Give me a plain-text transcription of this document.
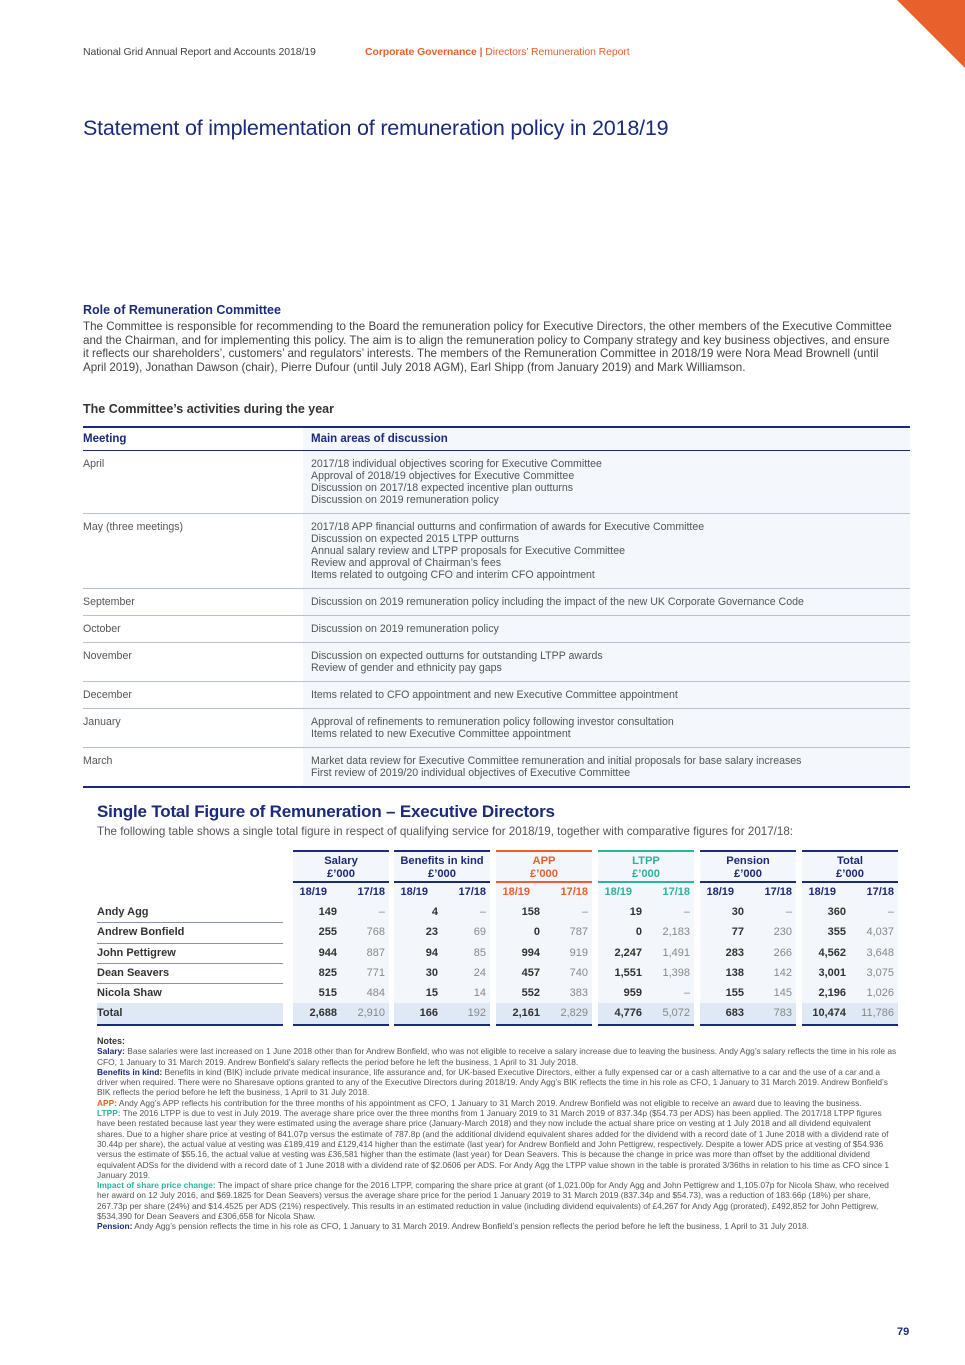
National Grid Annual Report and Accounts 2018/19	Corporate Governance | Directors’ Remuneration Report
Statement of implementation of remuneration policy in 2018/19
Role of Remuneration Committee

The Committee is responsible for recommending to the Board the remuneration policy for Executive Directors, the other members of the Executive Committee and the Chairman, and for implementing this policy. The aim is to align the remuneration policy to Company strategy and key business objectives, and ensure it reflects our shareholders’, customers’ and regulators’ interests. The members of the Remuneration Committee in 2018/19 were Nora Mead Brownell (until April 2019), Jonathan Dawson (chair), Pierre Dufour (until July 2018 AGM), Earl Shipp (from January 2019) and Mark Williamson.

The Committee’s activities during the year
Meeting	Main areas of discussion
April	2017/18 individual objectives scoring for Executive Committee
Approval of 2018/19 objectives for Executive Committee
Discussion on 2017/18 expected incentive plan outturns
Discussion on 2019 remuneration policy

May (three meetings)	2017/18 APP financial outturns and confirmation of awards for Executive Committee
Discussion on expected 2015 LTPP outturns
Annual salary review and LTPP proposals for Executive Committee
Review and approval of Chairman’s fees
Items related to outgoing CFO and interim CFO appointment

September	Discussion on 2019 remuneration policy including the impact of the new UK Corporate Governance Code

October	Discussion on 2019 remuneration policy

November	Discussion on expected outturns for outstanding LTPP awards
Review of gender and ethnicity pay gaps

December	Items related to CFO appointment and new Executive Committee appointment

January	Approval of refinements to remuneration policy following investor consultation
Items related to new Executive Committee appointment

March	Market data review for Executive Committee remuneration and initial proposals for base salary increases
First review of 2019/20 individual objectives of Executive Committee
Single Total Figure of Remuneration – Executive Directors

The following table shows a single total figure in respect of qualifying service for 2018/19, together with comparative figures for 2017/18:

Salary
£’000
Benefits in kind
£’000
APP
£’000
LTPP
£’000
Pension
£’000
Total
£’000
18/19	17/18 18/19	17/18 18/19	17/18 18/19	17/18 18/19	17/18 18/19	17/18
Andy Agg	149	–	4	–	158	–	19	–	30	–	360	–
Andrew Bonfield	255	768	23	69	0	787	0 2,183	77	230	355 4,037
John Pettigrew	944	887	94	85	994	919 2,247 1,491	283	266 4,562 3,648
Dean Seavers	825	771	30	24	457	740 1,551 1,398	138	142 3,001 3,075
Nicola Shaw	515	484	15	14	552	383	959	–	155	145 2,196 1,026
Total	2,688 2,910	166	192 2,161 2,829 4,776 5,072	683	783 10,474 11,786

Notes:

Salary: Base salaries were last increased on 1 June 2018 other than for Andrew Bonfield, who was not eligible to receive a salary increase due to leaving the business. Andy Agg’s salary reflects the time in his role as CFO, 1 January to 31 March 2019. Andrew Bonfield’s salary reflects the period before he left the business, 1 April to 31 July 2018.

Benefits in kind: Benefits in kind (BIK) include private medical insurance, life assurance and, for UK-based Executive Directors, either a fully expensed car or a cash alternative to a car and the use of a car and a driver when required. There were no Sharesave options granted to any of the Executive Directors during 2018/19. Andy Agg’s BIK reflects the time in his role as CFO, 1 January to 31 March 2019. Andrew Bonfield’s BIK reflects the period before he left the business, 1 April to 31 July 2018.

APP: Andy Agg’s APP reflects his contribution for the three months of his appointment as CFO, 1 January to 31 March 2019. Andrew Bonfield was not eligible to receive an award due to leaving the business.

LTPP: The 2016 LTPP is due to vest in July 2019. The average share price over the three months from 1 January 2019 to 31 March 2019 of 837.34p ($54.73 per ADS) has been applied. The 2017/18 LTPP figures have been restated because last year they were estimated using the average share price (January-March 2018) and they now include the actual share price on vesting at 1 July 2018 and all dividend equivalent shares. Due to a higher share price at vesting of 841.07p versus the estimate of 787.8p (and the additional dividend equivalent shares added for the dividend with a record date of 1 June 2018 with a dividend rate of 30.44p per share), the actual value at vesting was £189,419 and £129,414 higher than the estimate (last year) for Andrew Bonfield and John Pettigrew, respectively. Despite a lower ADS price at vesting of $54.936 versus the estimate of $55.16, the actual value at vesting was £36,581 higher than the estimate (last year) for Dean Seavers. This is because the change in price was more than offset by the additional dividend equivalent ADSs for the dividend with a record date of 1 June 2018 with a dividend rate of $2.0606 per ADS. For Andy Agg the LTPP value shown in the table is prorated 3/36ths in relation to his time as CFO since 1 January 2019.

Impact of share price change: The impact of share price change for the 2016 LTPP, comparing the share price at grant (of 1,021.00p for Andy Agg and John Pettigrew and 1,105.07p for Nicola Shaw, who received her award on 12 July 2016, and $69.1825 for Dean Seavers) versus the average share price for the period 1 January 2019 to 31 March 2019 (837.34p and $54.73), was a reduction of 183.66p (18%) per share, 267.73p per share (24%) and $14.4525 per ADS (21%) respectively. This results in an estimated reduction in value (including dividend equivalents) of £4,267 for Andy Agg (prorated), £492,852 for John Pettigrew, $534,390 for Dean Seavers and £306,658 for Nicola Shaw.

Pension: Andy Agg’s pension reflects the time in his role as CFO, 1 January to 31 March 2019. Andrew Bonfield’s pension reflects the period before he left the business, 1 April to 31 July 2018.

79
